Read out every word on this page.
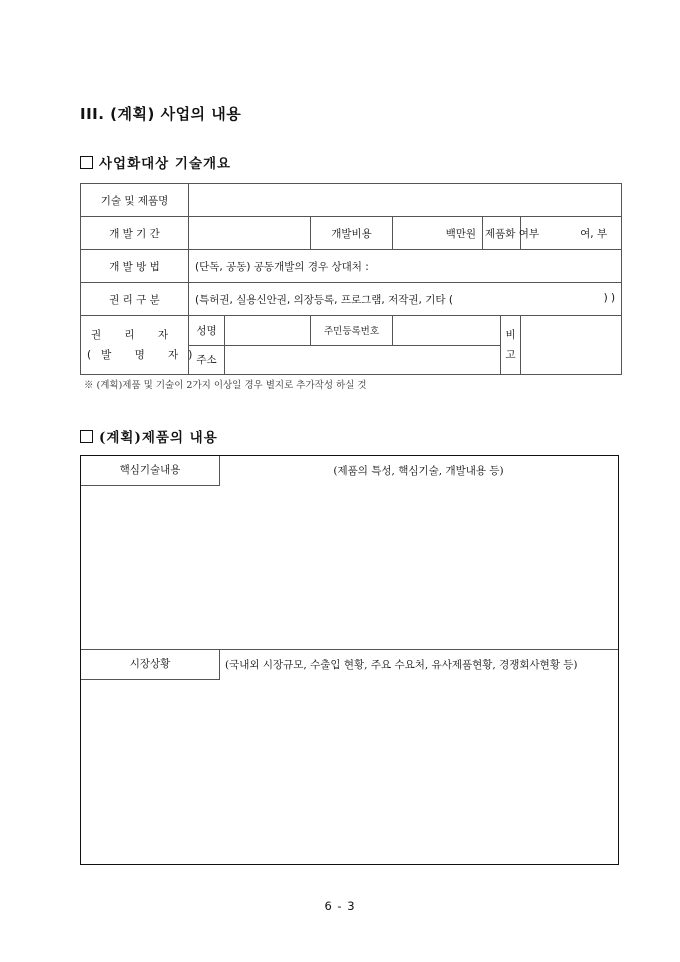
III. (계획) 사업의 내용
사업화대상 기술개요
기술 및 제품명							
개 발 기 간			개발비용	백만원	제품화 여부		여, 부
개 발 방 법	(단독, 공동) 공동개발의 경우 상대처 :						
권 리 구 분	(특허권, 실용신안권, 의장등록, 프로그램, 저작권, 기타 ( ) )						

권 리 자
(발 명 자)	성명		주민등록번호			비고	

	주소						
※ (계획)제품 및 기술이 2가지 이상일 경우 별지로 추가작성 하실 것
(계획)제품의 내용
핵심기술내용	(제품의 특성, 핵심기술, 개발내용 등)
시장상황	(국내외 시장규모, 수출입 현황, 주요 수요처, 유사제품현황, 경쟁회사현황 등)
6 - 3
